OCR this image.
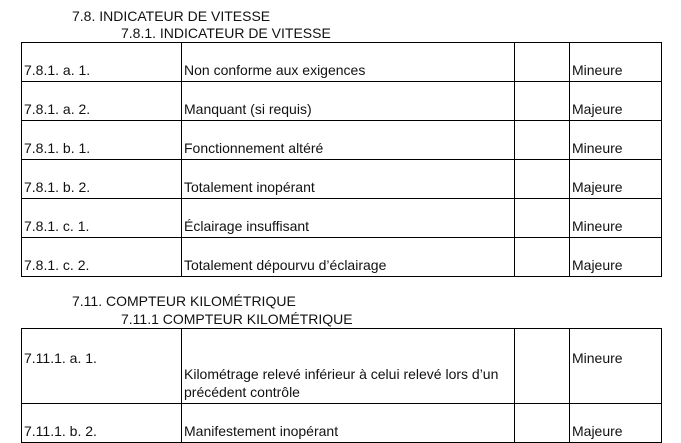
7.8. INDICATEUR DE VITESSE
7.8.1. INDICATEUR DE VITESSE
7.8.1. a. 1.	Non conforme aux exigences		Mineure
7.8.1. a. 2.	Manquant (si requis)		Majeure
7.8.1. b. 1.	Fonctionnement altéré		Mineure
7.8.1. b. 2.	Totalement inopérant		Majeure
7.8.1. c. 1.	Éclairage insuffisant		Mineure
7.8.1. c. 2.	Totalement dépourvu d’éclairage		Majeure
7.11. COMPTEUR KILOMÉTRIQUE
7.11.1 COMPTEUR KILOMÉTRIQUE
7.11.1. a. 1.	Kilométrage relevé inférieur à celui relevé lors d’un précédent contrôle		Mineure
7.11.1. b. 2.	Manifestement inopérant		Majeure
